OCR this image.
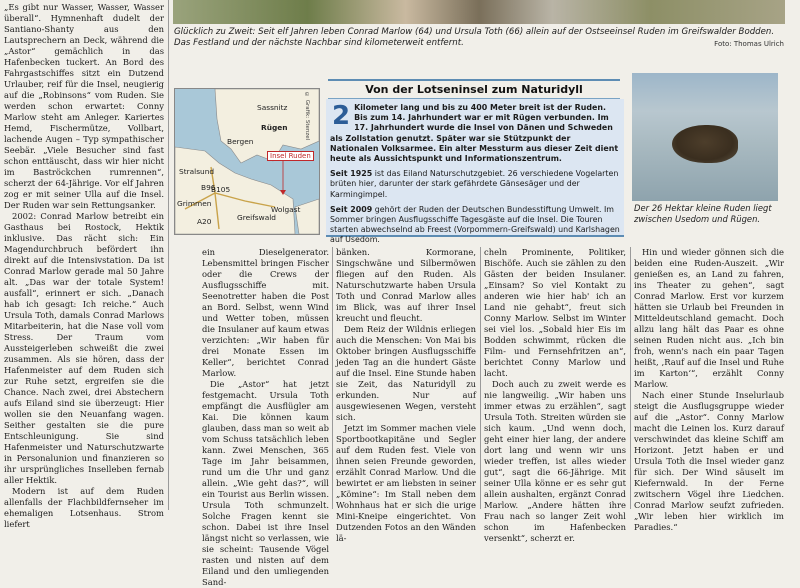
Glücklich zu Zweit: Seit elf Jahren leben Conrad Marlow (64) und Ursula Toth (66) allein auf der Ostseeinsel Ruden im Greifswalder Bodden. Das Festland und der nächste Nachbar sind kilometerweit entfernt.	Foto: Thomas Ulrich

„Es gibt nur Wasser, Wasser, Wasser überall“. Hymnenhaft dudelt der Santiano-Shanty aus den Lautsprechern an Deck, während die „Astor“ gemächlich in das Hafenbecken tuckert. An Bord des Fahrgastschiffes sitzt ein Dutzend Urlauber, reif für die Insel, neugierig auf die „Robinsons“ vom Ruden. Sie werden schon erwartet: Conny Marlow steht am Anleger. Kariertes Hemd, Fischermütze, Vollbart, lachende Augen – Typ sympathischer Seebär. „Viele Besucher sind fast schon enttäuscht, dass wir hier nicht im Baströckchen rumrennen“, scherzt der 64-Jährige. Vor elf Jahren zog er mit seiner Ulla auf die Insel. Der Ruden war sein Rettungsanker.

2002: Conrad Marlow betreibt ein Gasthaus bei Rostock, Hektik inklusive. Das rächt sich: Ein Magendurchbruch befördert ihn direkt auf die Intensivstation. Da ist Conrad Marlow gerade mal 50 Jahre alt. „Das war der totale System! ausfall“, erinnert er sich. „Danach hab ich gesagt: Ich reiche.“ Auch Ursula Toth, damals Conrad Marlows Mitarbeiterin, hat die Nase voll vom Stress. Der Traum vom Aussteigerleben schweißt die zwei zusammen. Als sie hören, dass der Hafenmeister auf dem Ruden sich zur Ruhe setzt, ergreifen sie die Chance. Nach zwei, drei Abstechern aufs Eiland sind sie überzeugt: Hier wollen sie den Neuanfang wagen. Seither gestalten sie die pure Entschleunigung. Sie sind Hafenmeister und Naturschutzwarte in Personalunion und finanzieren so ihr ursprüngliches Inselleben fernab aller Hektik.

Modern ist auf dem Ruden allenfalls der Flachbildfernseher im ehemaligen Lotsenhaus. Strom liefert

Sassnitz
Bergen
Stralsund
B96
B105
Grimmen
A20	Greifswald
Wolgast
Rügen
Insel Ruden
© Grafik: Stenzel
Von der Lotseninsel zum Naturidyll
2 Kilometer lang und bis zu 400 Meter breit ist der Ruden. Bis zum 14. Jahrhundert war er mit Rügen verbunden. Im 17. Jahrhundert wurde die Insel von Dänen und Schweden als Zollstation genutzt. Später war sie Stützpunkt der Nationalen Volksarmee. Ein alter Messturm aus dieser Zeit dient heute als Aussichtspunkt und Informationszentrum.

Seit 1925 ist das Eiland Naturschutzgebiet. 26 verschiedene Vogelarten brüten hier, darunter der stark gefährdete Gänsesäger und der Karmingimpel.

Seit 2009 gehört der Ruden der Deutschen Bundesstiftung Umwelt. Im Sommer bringen Ausflugsschiffe Tagesgäste auf die Insel. Die Touren starten abwechselnd ab Freest (Vorpommern-Greifswald) und Karlshagen auf Usedom.

Der 26 Hektar kleine Ruden liegt zwischen Usedom und Rügen.

ein Dieselgenerator. Lebensmittel bringen Fischer oder die Crews der Ausflugsschiffe mit. Seenotretter haben die Post an Bord. Selbst, wenn Wind und Wetter toben, müssen die Insulaner auf kaum etwas verzichten: „Wir haben für drei Monate Essen im Keller“, berichtet Conrad Marlow.

Die „Astor“ hat jetzt festgemacht. Ursula Toth empfängt die Ausflügler am Kai. Die können kaum glauben, dass man so weit ab vom Schuss tatsächlich leben kann. Zwei Menschen, 365 Tage im Jahr beisammen, rund um die Uhr und ganz allein. „Wie geht das?“, will ein Tourist aus Berlin wissen. Ursula Toth schmunzelt. Solche Fragen kennt sie schon. Dabei ist ihre Insel längst nicht so verlassen, wie sie scheint: Tausende Vögel rasten und nisten auf dem Eiland und den umliegenden Sand-

bänken. Kormorane, Singschwäne und Silbermöwen fliegen auf den Ruden. Als Naturschutzwarte haben Ursula Toth und Conrad Marlow alles im Blick, was auf ihrer Insel kreucht und fleucht.

Dem Reiz der Wildnis erliegen auch die Menschen: Von Mai bis Oktober bringen Ausflugsschiffe jeden Tag an die hundert Gäste auf die Insel. Eine Stunde haben sie Zeit, das Naturidyll zu erkunden. Nur auf ausgewiesenen Wegen, versteht sich.

Jetzt im Sommer machen viele Sportbootkapitäne und Segler auf dem Ruden fest. Viele von ihnen seien Freunde geworden, erzählt Conrad Marlow. Und die bewirtet er am liebsten in seiner „Kömine“: Im Stall neben dem Wohnhaus hat er sich die urige Mini-Kneipe eingerichtet. Von Dutzenden Fotos an den Wänden lä-

cheln Prominente, Politiker, Bischöfe. Auch sie zählen zu den Gästen der beiden Insulaner. „Einsam? So viel Kontakt zu anderen wie hier hab' ich an Land nie gehabt“, freut sich Conny Marlow. Selbst im Winter sei viel los. „Sobald hier Eis im Bodden schwimmt, rücken die Film- und Fernsehfritzen an“, berichtet Conny Marlow und lacht.

Doch auch zu zweit werde es nie langweilig. „Wir haben uns immer etwas zu erzählen“, sagt Ursula Toth. Streiten würden sie sich kaum. „Und wenn doch, geht einer hier lang, der andere dort lang und wenn wir uns wieder treffen, ist alles wieder gut“, sagt die 66-Jährige. Mit seiner Ulla könne er es sehr gut allein aushalten, ergänzt Conrad Marlow. „Andere hätten ihre Frau nach so langer Zeit wohl schon im Hafenbecken versenkt“, scherzt er.

Hin und wieder gönnen sich die beiden eine Ruden-Auszeit. „Wir genießen es, an Land zu fahren, ins Theater zu gehen“, sagt Conrad Marlow. Erst vor kurzem hätten sie Urlaub bei Freunden in Mitteldeutschland gemacht. Doch allzu lang hält das Paar es ohne seinen Ruden nicht aus. „Ich bin froh, wenn's nach ein paar Tagen heißt, ‚Rauf auf die Insel und Ruhe im Karton‘“, erzählt Conny Marlow.

Nach einer Stunde Inselurlaub steigt die Ausflugsgruppe wieder auf die „Astor“. Conny Marlow macht die Leinen los. Kurz darauf verschwindet das kleine Schiff am Horizont. Jetzt haben er und Ursula Toth die Insel wieder ganz für sich. Der Wind säuselt im Kiefernwald. In der Ferne zwitschern Vögel ihre Liedchen. Conrad Marlow seufzt zufrieden. „Wir leben hier wirklich im Paradies.“
